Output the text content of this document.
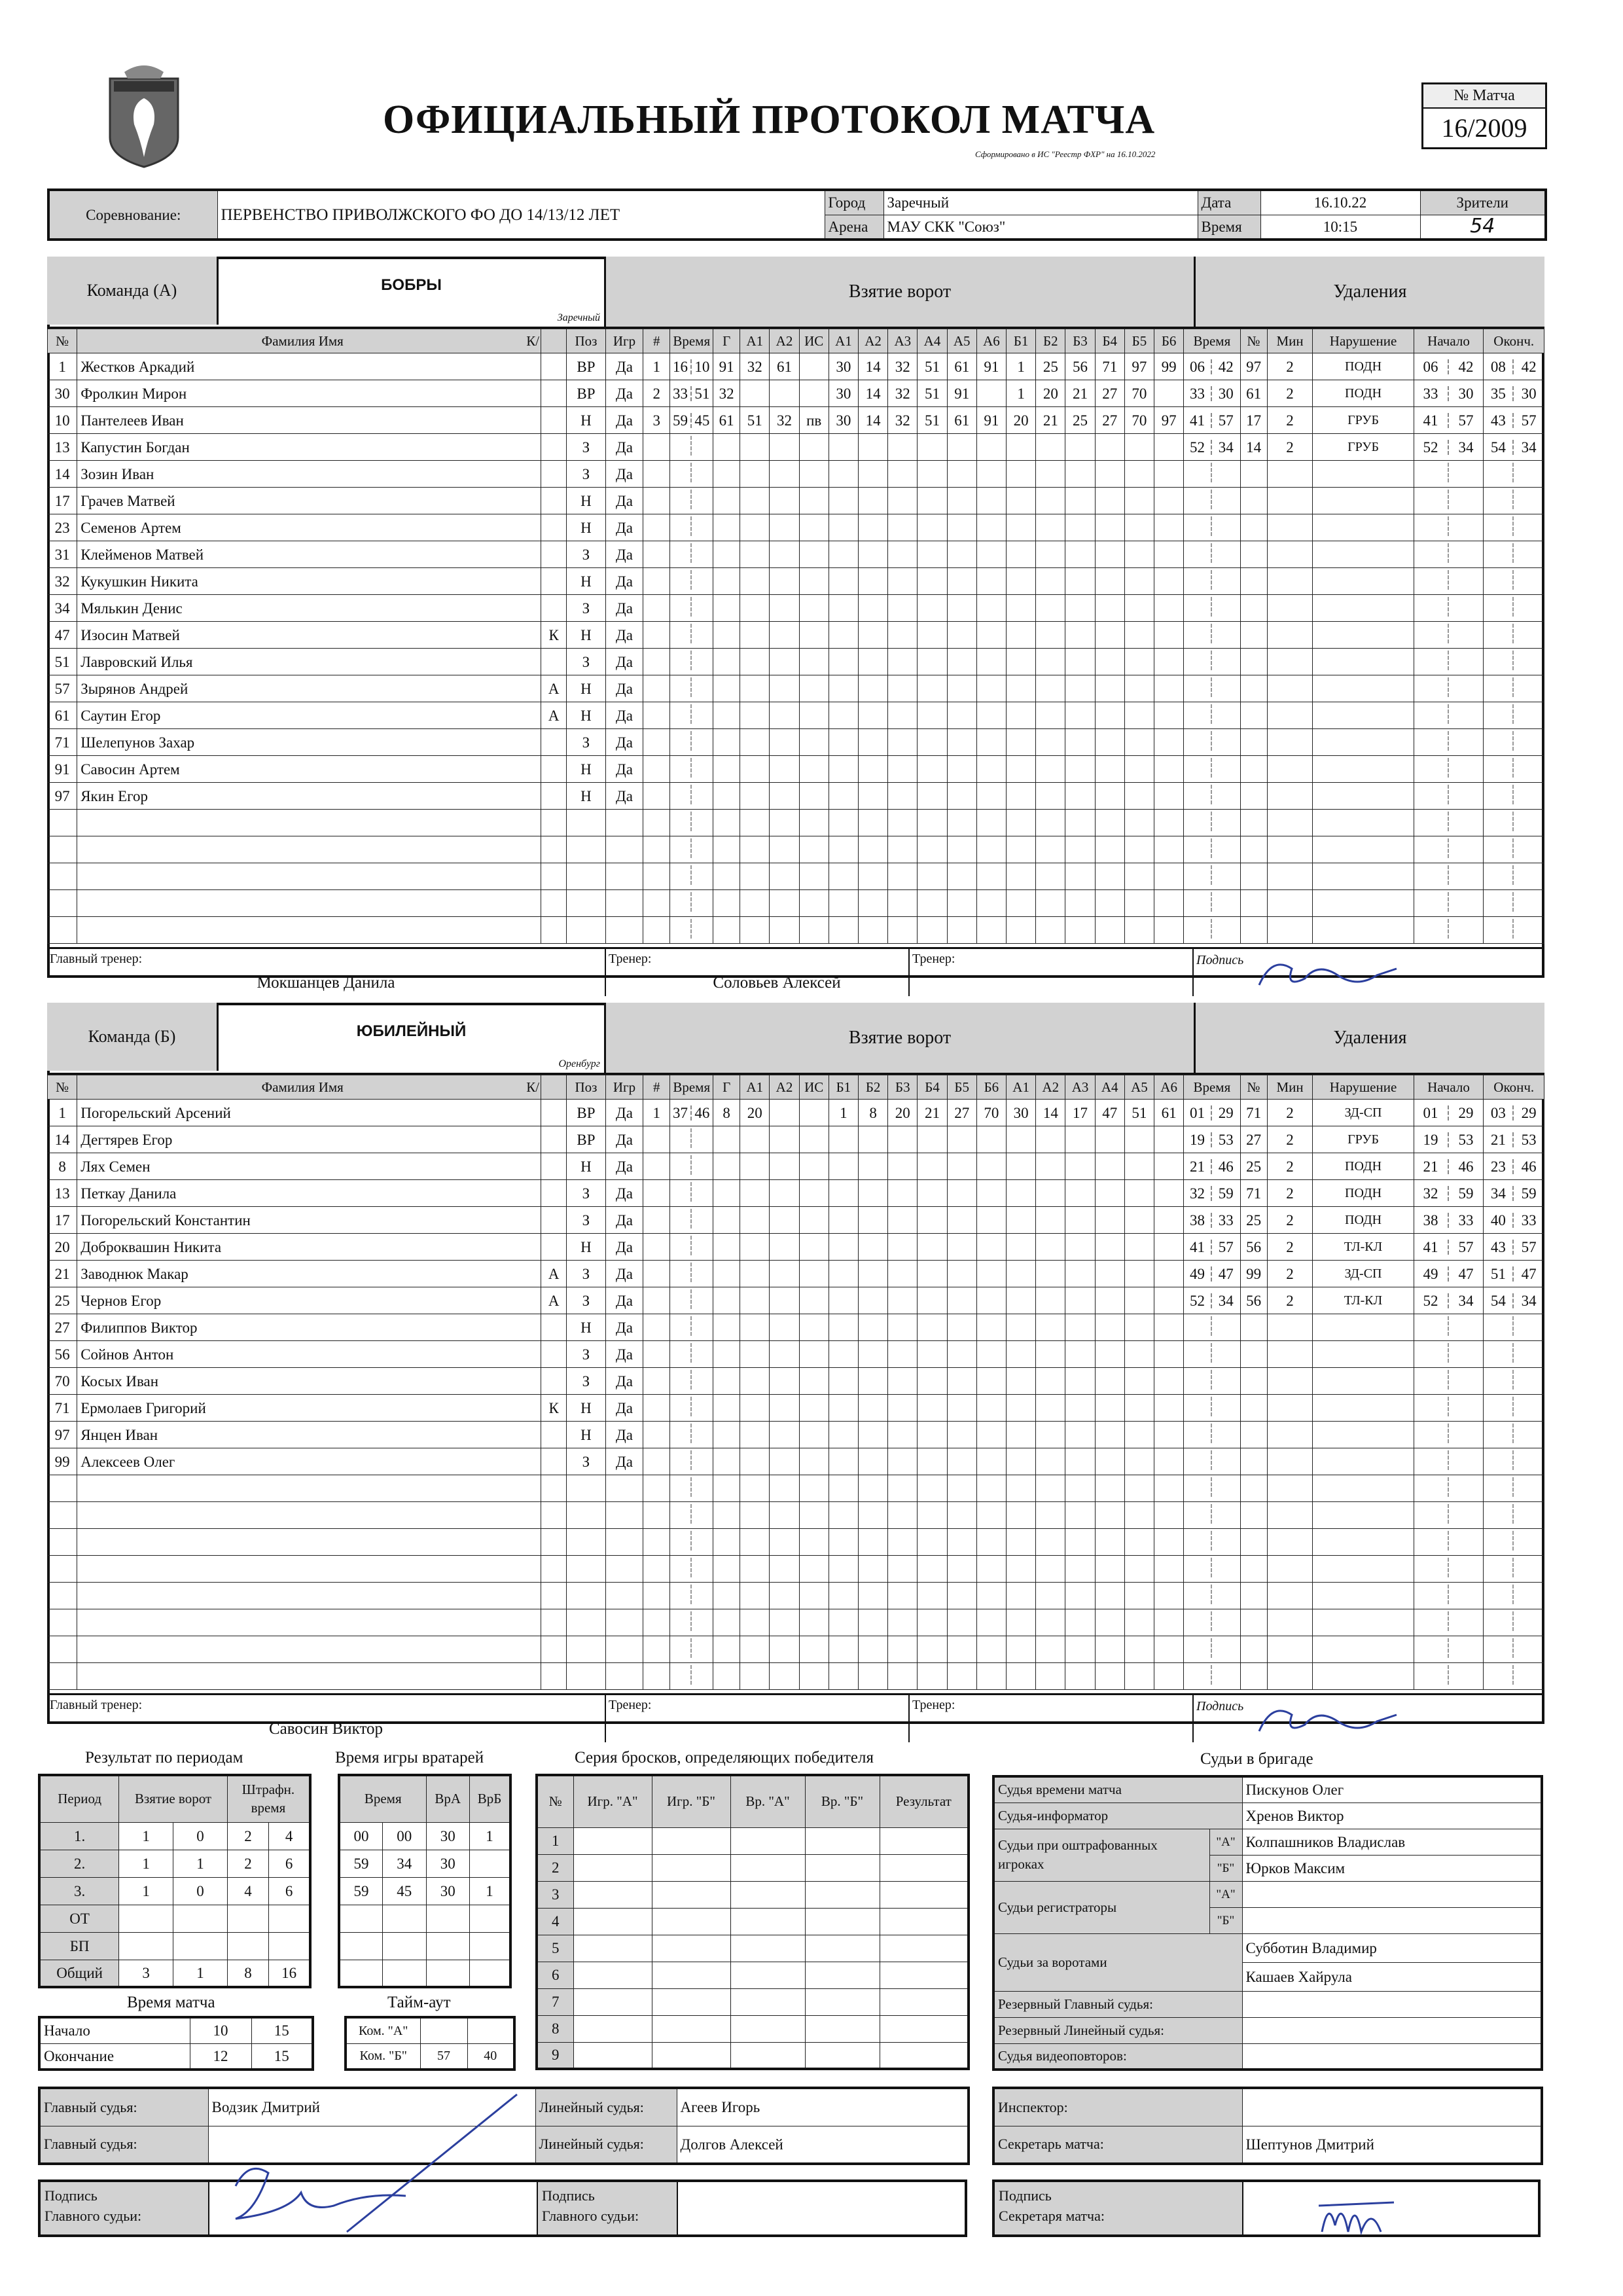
ОФИЦИАЛЬНЫЙ ПРОТОКОЛ МАТЧА
Сформировано в ИС "Реестр ФХР" на 16.10.2022
№ Матча
16/2009
Соревнование:	ПЕРВЕНСТВО ПРИВОЛЖСКОГО ФО ДО 14/13/12 ЛЕТ	Город	Заречный	Дата	16.10.22	Зрители
		Арена	МАУ СКК "Союз"	Время	10:15	54
Команда (А)	БОБРЫ
Заречный
Взятие ворот	Удаления
№	Фамилия Имя К/		Поз	Игр	#	Время	Г	А1	А2	ИС	А1	А2	А3	А4	А5	А6	Б1	Б2	Б3	Б4	Б5	Б6	Время	№	Мин	Нарушение	Начало	Оконч.
1	Жестков Аркадий		ВР	Да	1	16 10	91	32	61		30	14	32	51	61	91	1	25	56	71	97	99	06 42	97	2	ПОДН	06 42	08 42
30	Фролкин Мирон		ВР	Да	2	33 51	32				30	14	32	51	91		1	20	21	27	70		33 30	61	2	ПОДН	33 30	35 30
10	Пантелеев Иван		Н	Да	3	59 45	61	51	32	пв	30	14	32	51	61	91	20	21	25	27	70	97	41 57	17	2	ГРУБ	41 57	43 57
13	Капустин Богдан		З	Да																			52 34	14	2	ГРУБ	52 34	54 34
14	Зозин Иван		З	Да																								
17	Грачев Матвей		Н	Да																								
23	Семенов Артем		Н	Да																								
31	Клейменов Матвей		З	Да																								
32	Кукушкин Никита		Н	Да																								
34	Мялькин Денис		З	Да																								
47	Изосин Матвей	К	Н	Да																								
51	Лавровский Илья		З	Да																								
57	Зырянов Андрей	А	Н	Да																								
61	Саутин Егор	А	Н	Да																								
71	Шелепунов Захар		З	Да																								
91	Савосин Артем		Н	Да																								
97	Якин Егор		Н	Да																								

Главный тренер:
Мокшанцев Данила
Тренер:
Соловьев Алексей
Тренер:	Подпись
Команда (Б)	ЮБИЛЕЙНЫЙ
Оренбург
Взятие ворот	Удаления
№	Фамилия Имя К/		Поз	Игр	#	Время	Г	А1	А2	ИС	Б1	Б2	Б3	Б4	Б5	Б6	А1	А2	А3	А4	А5	А6	Время	№	Мин	Нарушение	Начало	Оконч.
1	Погорельский Арсений		ВР	Да	1	37 46	8	20			1	8	20	21	27	70	30	14	17	47	51	61	01 29	71	2	ЗД-СП	01 29	03 29
14	Дегтярев Егор		ВР	Да																			19 53	27	2	ГРУБ	19 53	21 53
8	Лях Семен		Н	Да																			21 46	25	2	ПОДН	21 46	23 46
13	Петкау Данила		З	Да																			32 59	71	2	ПОДН	32 59	34 59
17	Погорельский Константин		З	Да																			38 33	25	2	ПОДН	38 33	40 33
20	Доброквашин Никита		Н	Да																			41 57	56	2	ТЛ-КЛ	41 57	43 57
21	Заводнюк Макар	А	З	Да																			49 47	99	2	ЗД-СП	49 47	51 47
25	Чернов Егор	А	З	Да																			52 34	56	2	ТЛ-КЛ	52 34	54 34
27	Филиппов Виктор		Н	Да																								
56	Сойнов Антон		З	Да																								
70	Косых Иван		З	Да																								
71	Ермолаев Григорий	К	Н	Да																								
97	Янцен Иван		Н	Да																								
99	Алексеев Олег		З	Да																								

Главный тренер:
Савосин Виктор
Тренер:	Тренер:	Подпись
Результат по периодам	Время игры вратарей	Серия бросков, определяющих победителя	Судьи в бригаде
Период	Взятие ворот		Штрафн. время	
1.	1	0	2	4
2.	1	1	2	6
3.	1	0	4	6
ОТ				
БП				
Общий	3	1	8	16
Время		ВрА	ВрБ
00	00	30	1
59	34	30	
59	45	30	1

Время матча
Начало	10	15
Окончание	12	15
Тайм-аут
Ком. "А"		
Ком. "Б"	57	40
№	Игр. "А"	Игр. "Б"	Вр. "А"	Вр. "Б"	Результат
1					
2					
3					
4					
5					
6					
7					
8					
9					
Судья времени матча		Пискунов Олег
Судья-информатор		Хренов Виктор
Судьи при оштрафованных игроках	"А"	Колпашников Владислав
	"Б"	Юрков Максим
Судьи регистраторы	"А"	
	"Б"	
Судьи за воротами		Субботин Владимир
		Кашаев Хайрула
Резервный Главный судья:		
Резервный Линейный судья:		
Судья видеоповторов:		
Главный судья:	Водзик Дмитрий	Линейный судья:	Агеев Игорь
Главный судья:		Линейный судья:	Долгов Алексей
Инспектор:	
Секретарь матча:	Шептунов Дмитрий
Подпись
Главного судьи:
Подпись
Главного судьи:
Подпись
Секретаря матча:
